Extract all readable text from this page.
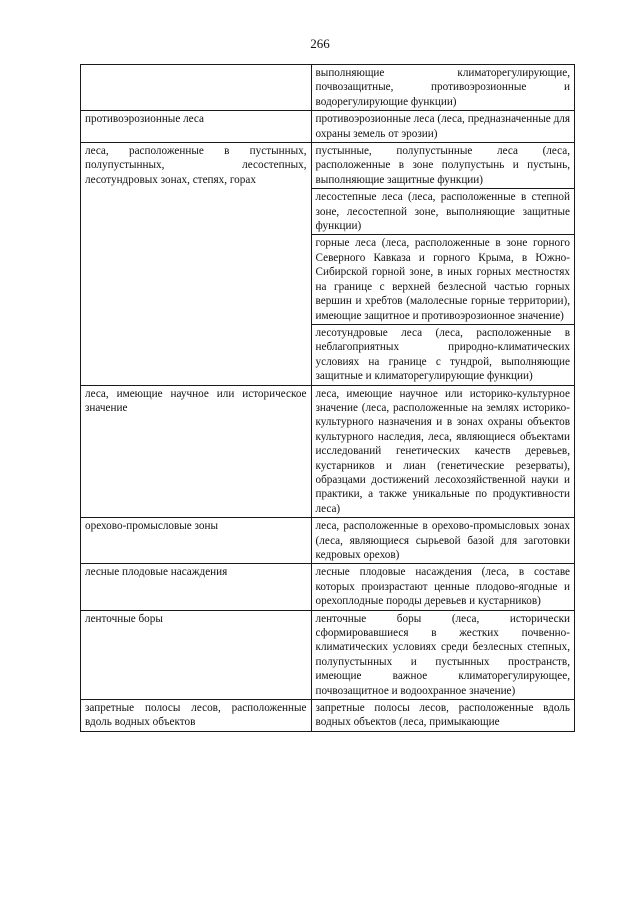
266

	выполняющие климаторегулирующие, почвозащитные, противоэрозионные и водорегулирующие функции)

противоэрозионные леса	противоэрозионные леса (леса, предназначенные для охраны земель от эрозии)

леса, расположенные в пустынных, полупустынных, лесостепных, лесотундровых зонах, степях, горах	пустынные, полупустынные леса (леса, расположенные в зоне полупустынь и пустынь, выполняющие защитные функции)

	лесостепные леса (леса, расположенные в степной зоне, лесостепной зоне, выполняющие защитные функции)

	горные леса (леса, расположенные в зоне горного Северного Кавказа и горного Крыма, в Южно-Сибирской горной зоне, в иных горных местностях на границе с верхней безлесной частью горных вершин и хребтов (малолесные горные территории), имеющие защитное и противоэрозионное значение)

	лесотундровые леса (леса, расположенные в неблагоприятных природно-климатических условиях на границе с тундрой, выполняющие защитные и климаторегулирующие функции)

леса, имеющие научное или историческое значение	леса, имеющие научное или историко-культурное значение (леса, расположенные на землях историко-культурного назначения и в зонах охраны объектов культурного наследия, леса, являющиеся объектами исследований генетических качеств деревьев, кустарников и лиан (генетические резерваты), образцами достижений лесохозяйственной науки и практики, а также уникальные по продуктивности леса)

орехово-промысловые зоны	леса, расположенные в орехово-промысловых зонах (леса, являющиеся сырьевой базой для заготовки кедровых орехов)

лесные плодовые насаждения	лесные плодовые насаждения (леса, в составе которых произрастают ценные плодово-ягодные и орехоплодные породы деревьев и кустарников)

ленточные боры	ленточные боры (леса, исторически сформировавшиеся в жестких почвенно-климатических условиях среди безлесных степных, полупустынных и пустынных пространств, имеющие важное климаторегулирующее, почвозащитное и водоохранное значение)

запретные полосы лесов, расположенные вдоль водных объектов	запретные полосы лесов, расположенные вдоль водных объектов (леса, примыкающие
